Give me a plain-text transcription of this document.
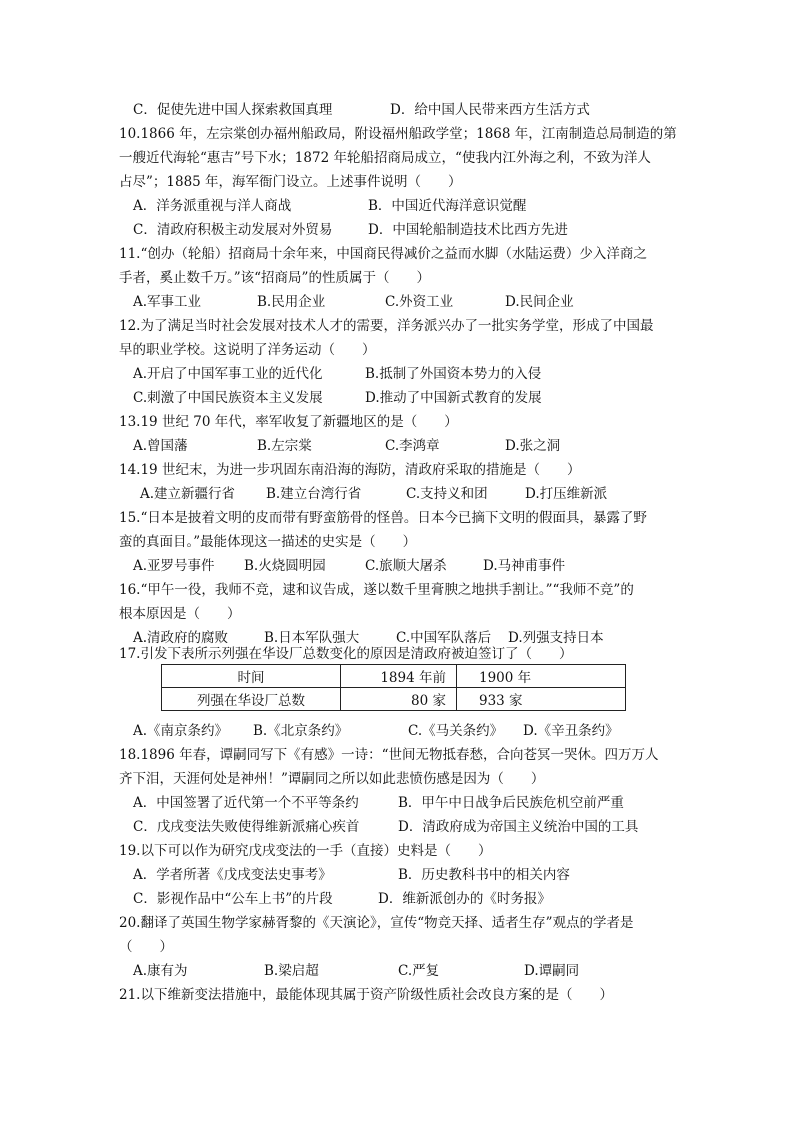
C．促使先进中国人探索救国真理	D．给中国人民带来西方生活方式
10.1866 年，左宗棠创办福州船政局，附设福州船政学堂；1868 年，江南制造总局制造的第
一艘近代海轮“惠吉”号下水；1872 年轮船招商局成立，“使我内江外海之利，不致为洋人
占尽”；1885 年，海军衙门设立。上述事件说明（　　）
A．洋务派重视与洋人商战	B．中国近代海洋意识觉醒
C．清政府积极主动发展对外贸易	D．中国轮船制造技术比西方先进
11.“创办（轮船）招商局十余年来，中国商民得减价之益而水脚（水陆运费）少入洋商之
手者，奚止数千万。”该“招商局”的性质属于（　　）
A.军事工业	B.民用企业	C.外资工业	D.民间企业
12.为了满足当时社会发展对技术人才的需要，洋务派兴办了一批实务学堂，形成了中国最
早的职业学校。这说明了洋务运动（　　）
A.开启了中国军事工业的近代化	B.抵制了外国资本势力的入侵
C.刺激了中国民族资本主义发展	D.推动了中国新式教育的发展
13.19 世纪 70 年代，率军收复了新疆地区的是（　　）
A.曾国藩	B.左宗棠	C.李鸿章	D.张之洞
14.19 世纪末，为进一步巩固东南沿海的海防，清政府采取的措施是（　　）
A.建立新疆行省 B.建立台湾行省	C.支持义和团	D.打压维新派
15.“日本是披着文明的皮而带有野蛮筋骨的怪兽。日本今已摘下文明的假面具，暴露了野
蛮的真面目。”最能体现这一描述的史实是（　　）
A.亚罗号事件 B.火烧圆明园	C.旅顺大屠杀	D.马神甫事件
16.“甲午一役，我师不竞，逮和议告成，遂以数千里膏腴之地拱手割让。”“我师不竞”的
根本原因是（　　）
A.清政府的腐败	B.日本军队强大	C.中国军队落后 D.列强支持日本
17.引发下表所示列强在华设厂总数变化的原因是清政府被迫签订了（　　）
时间	1894 年前	1900 年
列强在华设厂总数	80 家	933 家
A.《南京条约》 B.《北京条约》	C.《马关条约》 D.《辛丑条约》
18.1896 年春，谭嗣同写下《有感》一诗：“世间无物抵春愁，合向苍冥一哭休。四万万人
齐下泪，天涯何处是神州！”谭嗣同之所以如此悲愤伤感是因为（　　）
A．中国签署了近代第一个不平等条约	B．甲午中日战争后民族危机空前严重
C．戊戌变法失败使得维新派痛心疾首	D．清政府成为帝国主义统治中国的工具
19.以下可以作为研究戊戌变法的一手（直接）史料是（　　）
A．学者所著《戊戌变法史事考》	B．历史教科书中的相关内容
C．影视作品中“公车上书”的片段	D．维新派创办的《时务报》
20.翻译了英国生物学家赫胥黎的《天演论》，宣传“物竞天择、适者生存”观点的学者是
（　　）
A.康有为	B.梁启超	C.严复	D.谭嗣同
21.以下维新变法措施中，最能体现其属于资产阶级性质社会改良方案的是（　　）
